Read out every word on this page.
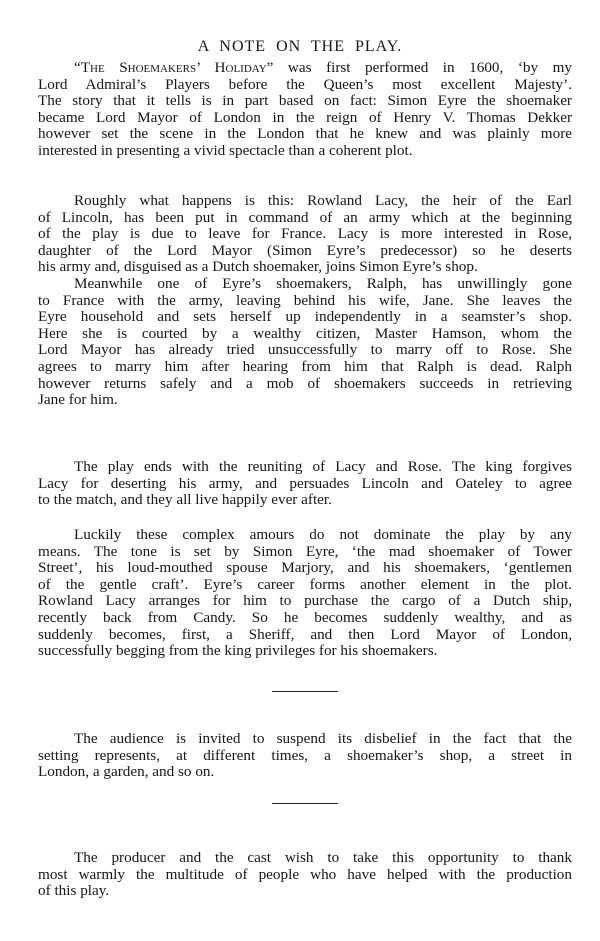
A NOTE ON THE PLAY.
“The Shoemakers’ Holiday” was first performed in 1600, ‘by my
Lord Admiral’s Players before the Queen’s most excellent Majesty’.
The story that it tells is in part based on fact: Simon Eyre the shoemaker
became Lord Mayor of London in the reign of Henry V. Thomas Dekker
however set the scene in the London that he knew and was plainly more
interested in presenting a vivid spectacle than a coherent plot.
Roughly what happens is this: Rowland Lacy, the heir of the Earl
of Lincoln, has been put in command of an army which at the beginning
of the play is due to leave for France. Lacy is more interested in Rose,
daughter of the Lord Mayor (Simon Eyre’s predecessor) so he deserts
his army and, disguised as a Dutch shoemaker, joins Simon Eyre’s shop.
Meanwhile one of Eyre’s shoemakers, Ralph, has unwillingly gone
to France with the army, leaving behind his wife, Jane. She leaves the
Eyre household and sets herself up independently in a seamster’s shop.
Here she is courted by a wealthy citizen, Master Hamson, whom the
Lord Mayor has already tried unsuccessfully to marry off to Rose. She
agrees to marry him after hearing from him that Ralph is dead. Ralph
however returns safely and a mob of shoemakers succeeds in retrieving
Jane for him.
The play ends with the reuniting of Lacy and Rose. The king forgives
Lacy for deserting his army, and persuades Lincoln and Oateley to agree
to the match, and they all live happily ever after.
Luckily these complex amours do not dominate the play by any
means. The tone is set by Simon Eyre, ‘the mad shoemaker of Tower
Street’, his loud-mouthed spouse Marjory, and his shoemakers, ‘gentlemen
of the gentle craft’. Eyre’s career forms another element in the plot.
Rowland Lacy arranges for him to purchase the cargo of a Dutch ship,
recently back from Candy. So he becomes suddenly wealthy, and as
suddenly becomes, first, a Sheriff, and then Lord Mayor of London,
successfully begging from the king privileges for his shoemakers.
The audience is invited to suspend its disbelief in the fact that the
setting represents, at different times, a shoemaker’s shop, a street in
London, a garden, and so on.
The producer and the cast wish to take this opportunity to thank
most warmly the multitude of people who have helped with the production
of this play.
